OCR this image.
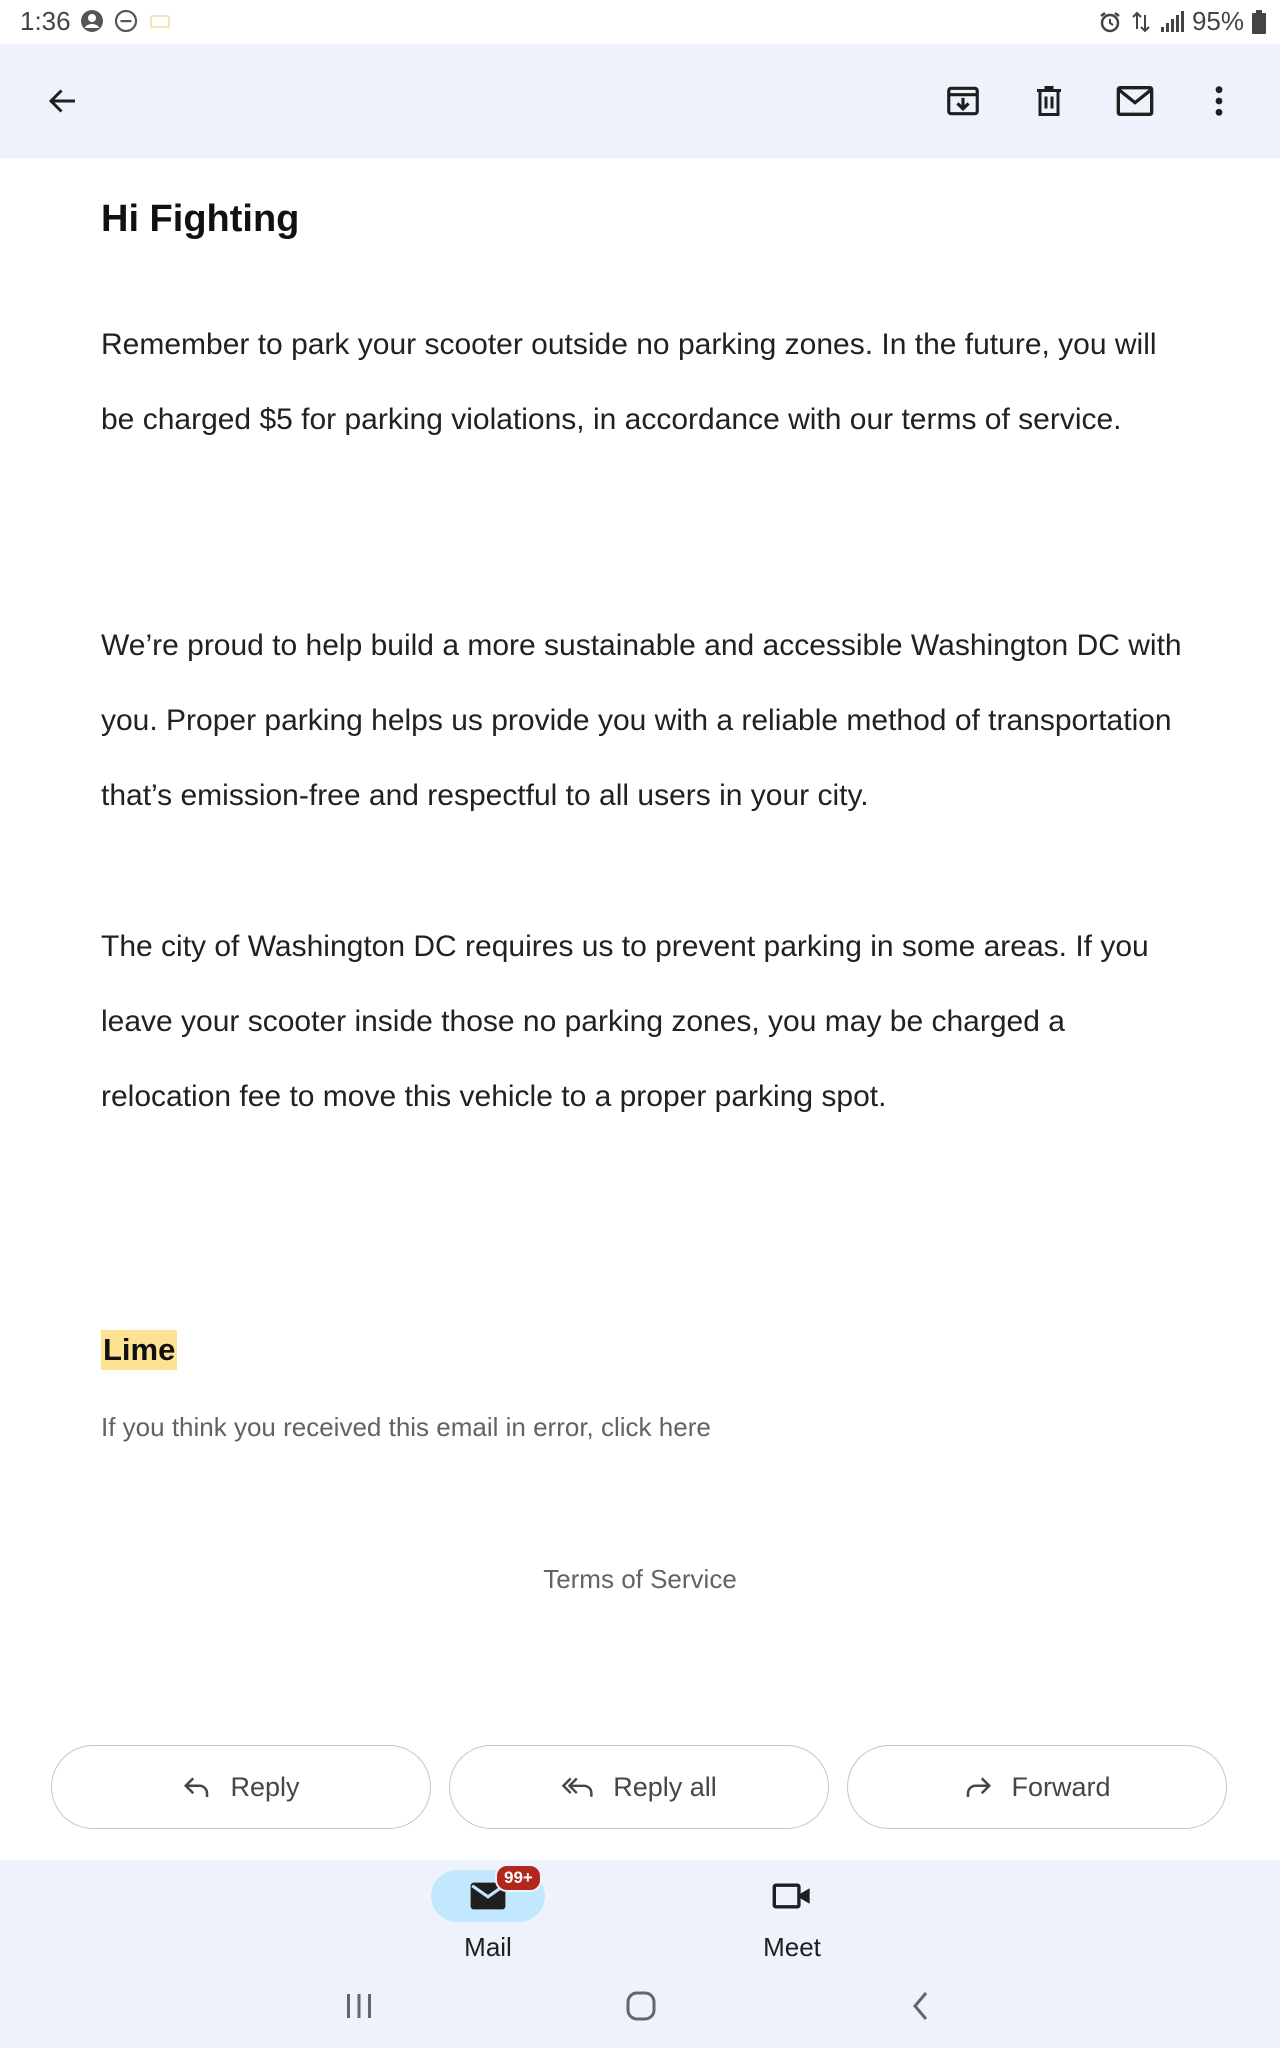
1:36	95%
Hi Fighting

Remember to park your scooter outside no parking zones. In the future, you will be charged $5 for parking violations, in accordance with our terms of service.

We’re proud to help build a more sustainable and accessible Washington DC with you. Proper parking helps us provide you with a reliable method of transportation that’s emission-free and respectful to all users in your city.

The city of Washington DC requires us to prevent parking in some areas. If you leave your scooter inside those no parking zones, you may be charged a relocation fee to move this vehicle to a proper parking spot.

Lime

If you think you received this email in error, click here

Terms of Service
Reply	Reply all	Forward
99+
Mail	Meet
